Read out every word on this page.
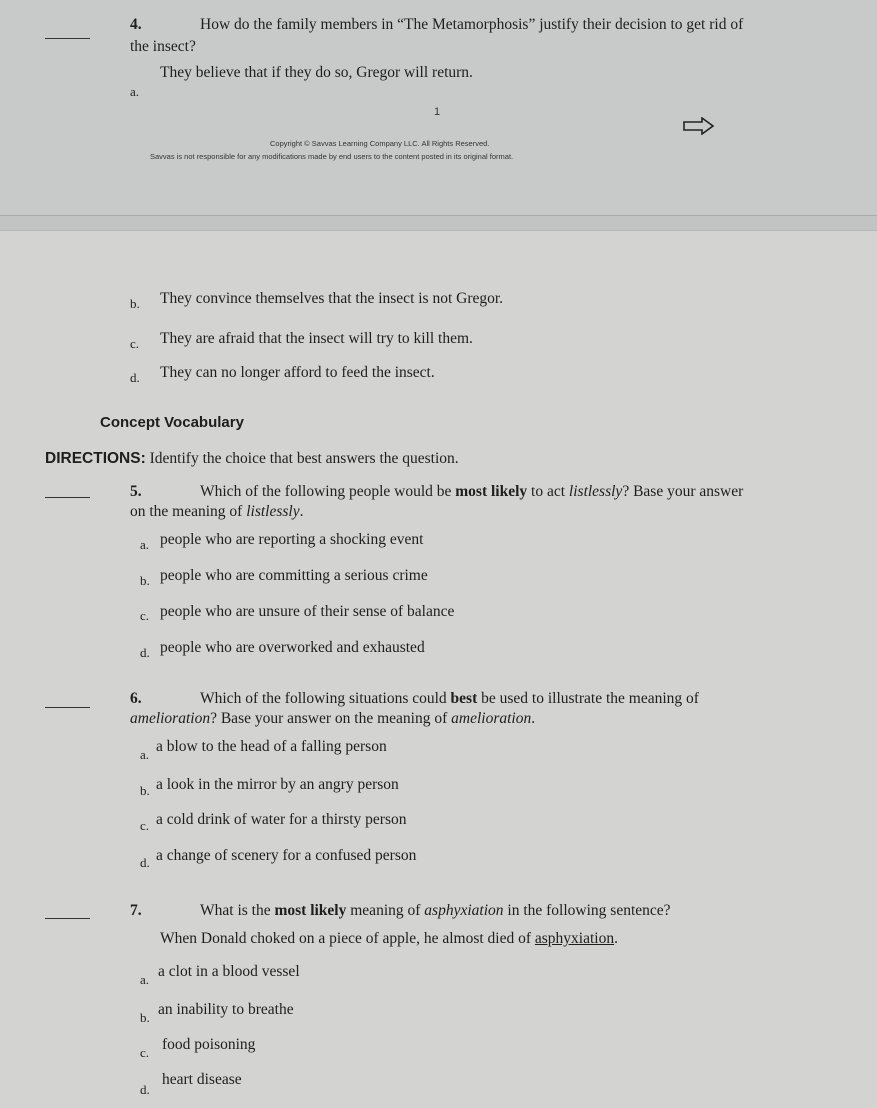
4.	How do the family members in “The Metamorphosis” justify their decision to get rid of
the insect?
a.
They believe that if they do so, Gregor will return.
1
Copyright © Savvas Learning Company LLC. All Rights Reserved.
Savvas is not responsible for any modifications made by end users to the content posted in its original format.
b. They convince themselves that the insect is not Gregor.
c. They are afraid that the insect will try to kill them.
d. They can no longer afford to feed the insect.
Concept Vocabulary
DIRECTIONS: Identify the choice that best answers the question.
5.	Which of the following people would be most likely to act listlessly? Base your answer
on the meaning of listlessly.
a. people who are reporting a shocking event
b. people who are committing a serious crime
c. people who are unsure of their sense of balance
d. people who are overworked and exhausted
6.	Which of the following situations could best be used to illustrate the meaning of
amelioration? Base your answer on the meaning of amelioration.
a. a blow to the head of a falling person
b. a look in the mirror by an angry person
c. a cold drink of water for a thirsty person
d. a change of scenery for a confused person
7.	What is the most likely meaning of asphyxiation in the following sentence?
When Donald choked on a piece of apple, he almost died of asphyxiation.
a. a clot in a blood vessel
b. an inability to breathe
c. food poisoning
d.
heart disease
